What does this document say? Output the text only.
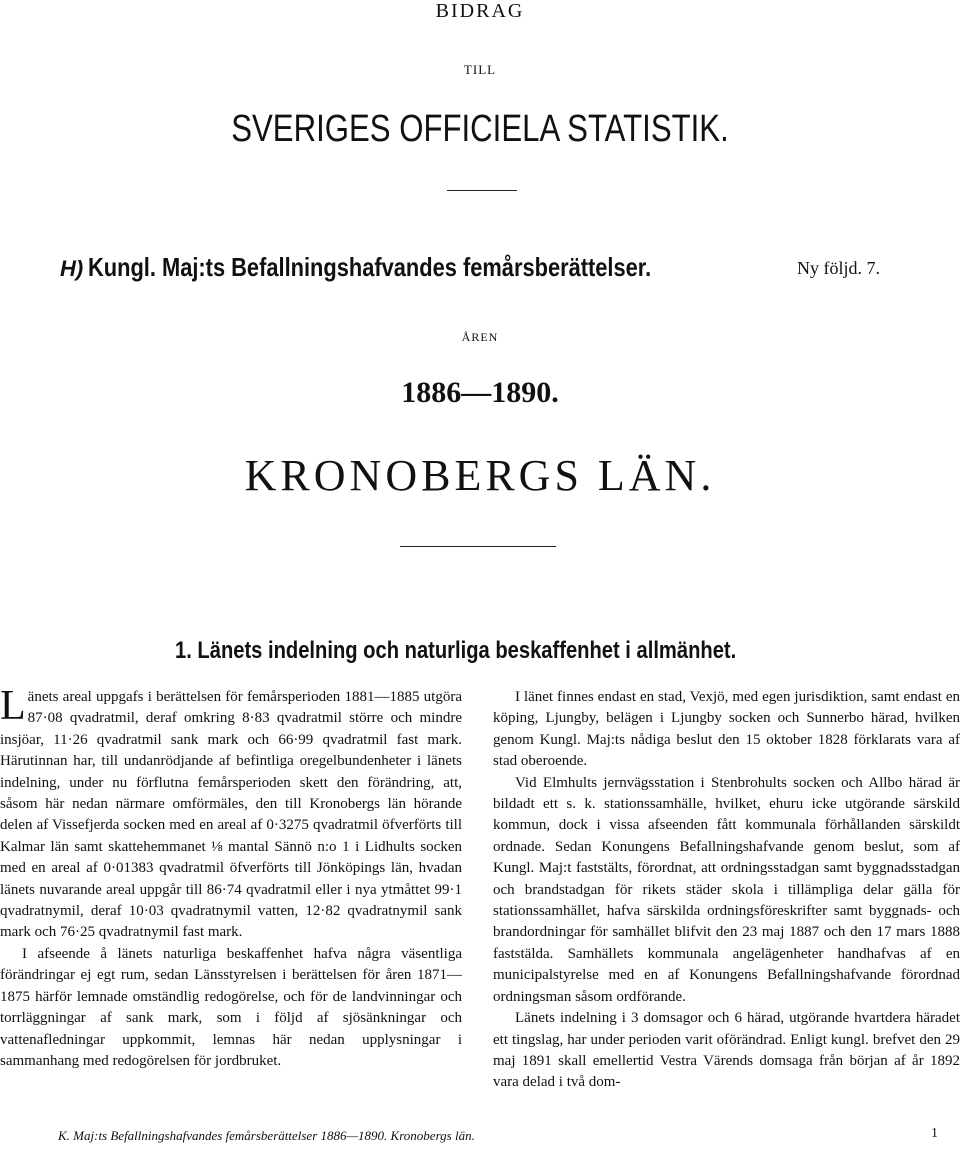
BIDRAG
TILL
SVERIGES OFFICIELA STATISTIK.
H) Kungl. Maj:ts Befallningshafvandes femårsberättelser.	Ny följd. 7.
ÅREN
1886—1890.
KRONOBERGS LÄN.
1. Länets indelning och naturliga beskaffenhet i allmänhet.

Länets areal uppgafs i berättelsen för femårsperioden 1881—1885 utgöra 87·08 qvadratmil, deraf omkring 8·83 qvadratmil större och mindre insjöar, 11·26 qvadratmil sank mark och 66·99 qvadratmil fast mark. Härutinnan har, till undanrödjande af befintliga oregelbundenheter i länets indelning, under nu förflutna femårsperioden skett den förändring, att, såsom här nedan närmare omförmäles, den till Kronobergs län hörande delen af Vissefjerda socken med en areal af 0·3275 qvadratmil öfverförts till Kalmar län samt skattehemmanet ⅛ mantal Sännö n:o 1 i Lidhults socken med en areal af 0·01383 qvadratmil öfverförts till Jönköpings län, hvadan länets nuvarande areal uppgår till 86·74 qvadratmil eller i nya ytmåttet 99·1 qvadratnymil, deraf 10·03 qvadratnymil vatten, 12·82 qvadratnymil sank mark och 76·25 qvadratnymil fast mark.

I afseende å länets naturliga beskaffenhet hafva några väsentliga förändringar ej egt rum, sedan Länsstyrelsen i berättelsen för åren 1871—1875 härför lemnade omständlig redogörelse, och för de landvinningar och torrläggningar af sank mark, som i följd af sjösänkningar och vattenafledningar uppkommit, lemnas här nedan upplysningar i sammanhang med redogörelsen för jordbruket.

I länet finnes endast en stad, Vexjö, med egen jurisdiktion, samt endast en köping, Ljungby, belägen i Ljungby socken och Sunnerbo härad, hvilken genom Kungl. Maj:ts nådiga beslut den 15 oktober 1828 förklarats vara af stad oberoende.

Vid Elmhults jernvägsstation i Stenbrohults socken och Allbo härad är bildadt ett s. k. stationssamhälle, hvilket, ehuru icke utgörande särskild kommun, dock i vissa afseenden fått kommunala förhållanden särskildt ordnade. Sedan Konungens Befallningshafvande genom beslut, som af Kungl. Maj:t faststälts, förordnat, att ordningsstadgan samt byggnadsstadgan och brandstadgan för rikets städer skola i tillämpliga delar gälla för stationssamhället, hafva särskilda ordningsföreskrifter samt byggnads- och brandordningar för samhället blifvit den 23 maj 1887 och den 17 mars 1888 faststälda. Samhällets kommunala angelägenheter handhafvas af en municipalstyrelse med en af Konungens Befallningshafvande förordnad ordningsman såsom ordförande.

Länets indelning i 3 domsagor och 6 härad, utgörande hvartdera häradet ett tingslag, har under perioden varit oförändrad. Enligt kungl. brefvet den 29 maj 1891 skall emellertid Vestra Värends domsaga från början af år 1892 vara delad i två dom-

K. Maj:ts Befallningshafvandes femårsberättelser 1886—1890. Kronobergs län.	1
